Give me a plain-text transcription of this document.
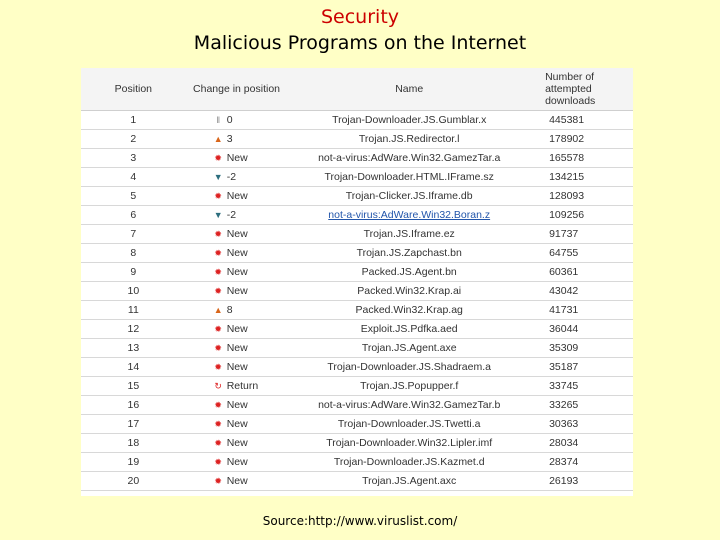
Security
Malicious Programs on the Internet
Position	Change in position	Name	Number of attempted downloads
1	‖ 0	Trojan-Downloader.JS.Gumblar.x	445381
2	▲ 3	Trojan.JS.Redirector.l	178902
3	✹ New	not-a-virus:AdWare.Win32.GamezTar.a	165578
4	▼ -2	Trojan-Downloader.HTML.IFrame.sz	134215
5	✹ New	Trojan-Clicker.JS.Iframe.db	128093
6	▼ -2	not-a-virus:AdWare.Win32.Boran.z	109256
7	✹ New	Trojan.JS.Iframe.ez	91737
8	✹ New	Trojan.JS.Zapchast.bn	64755
9	✹ New	Packed.JS.Agent.bn	60361
10	✹ New	Packed.Win32.Krap.ai	43042
11	▲ 8	Packed.Win32.Krap.ag	41731
12	✹ New	Exploit.JS.Pdfka.aed	36044
13	✹ New	Trojan.JS.Agent.axe	35309
14	✹ New	Trojan-Downloader.JS.Shadraem.a	35187
15	↻ Return	Trojan.JS.Popupper.f	33745
16	✹ New	not-a-virus:AdWare.Win32.GamezTar.b	33265
17	✹ New	Trojan-Downloader.JS.Twetti.a	30363
18	✹ New	Trojan-Downloader.Win32.Lipler.imf	28034
19	✹ New	Trojan-Downloader.JS.Kazmet.d	28374
20	✹ New	Trojan.JS.Agent.axc	26193
Source:http://www.viruslist.com/
